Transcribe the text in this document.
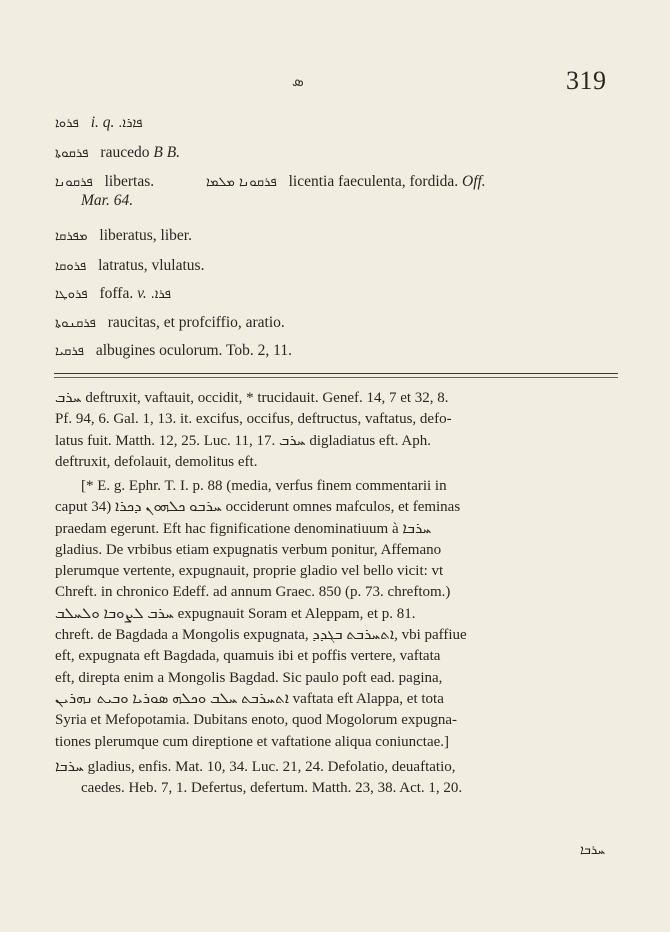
ܣ	319
ܦܪܘܐ i. q. ܦܐܪܐ.
ܦܪܩܘܬܐ raucedo B B.
ܦܪܩܘܢܐ libertas.	ܦܪܩܘܢܐ ܡܠܡܐ licentia faeculenta, fordida. Off.
Mar. 64.
ܡܦܪܩܐ liberatus, liber.
ܦܪܘܩܐ latratus, vlulatus.
ܦܪܘܛܐ foffa. v. ܦܪܐ.
ܦܪܩܢܘܬܐ raucitas, et profciffio, aratio.
ܦܪܩܝܐ albugines oculorum. Tob. 2, 11.
ܚܪܒ deftruxit, vaftauit, occidit, * trucidauit. Genef. 14, 7 et 32, 8.
Pf. 94, 6. Gal. 1, 13. it. excifus, occifus, deftructus, vaftatus, defo-
latus fuit. Matth. 12, 25. Luc. 11, 17. ܚܪܒ digladiatus eft. Aph.
deftruxit, defolauit, demolitus eft.
[* E. g. Ephr. T. I. p. 88 (media, verfus finem commentarii in
caput 34) ܚܪܒܘ ܟܠܗܘܢ ܕܟܪܐ occiderunt omnes mafculos, et feminas
praedam egerunt. Eft hac fignificatione denominatiuum à ܚܪܒܐ
gladius. De vrbibus etiam expugnatis verbum ponitur, Affemano
plerumque vertente, expugnauit, proprie gladio vel bello vicit: vt
Chreft. in chronico Edeff. ad annum Graec. 850 (p. 73. chreftom.)
ܚܪܒ ܠܨܘܒܐ ܘܠܚܠܒ expugnauit Soram et Aleppam, et p. 81.
chreft. de Bagdada a Mongolis expugnata, ܐܬܚܪܒܬ ܒܓܕܕ, vbi paffiue
eft, expugnata eft Bagdada, quamuis ibi et poffis vertere, vaftata
eft, direpta enim a Mongolis Bagdad. Sic paulo poft ead. pagina,
ܐܬܚܪܒܬ ܚܠܒ ܘܟܠܗ ܣܘܪܝܐ ܘܒܝܬ ܢܗܪܝܢ vaftata eft Alappa, et tota
Syria et Mefopotamia. Dubitans enoto, quod Mogolorum expugna-
tiones plerumque cum direptione et vaftatione aliqua coniunctae.]
ܚܪܒܐ gladius, enfis. Mat. 10, 34. Luc. 21, 24. Defolatio, deuaftatio,
caedes. Heb. 7, 1. Defertus, defertum. Matth. 23, 38. Act. 1, 20.
ܚܪܒܐ
